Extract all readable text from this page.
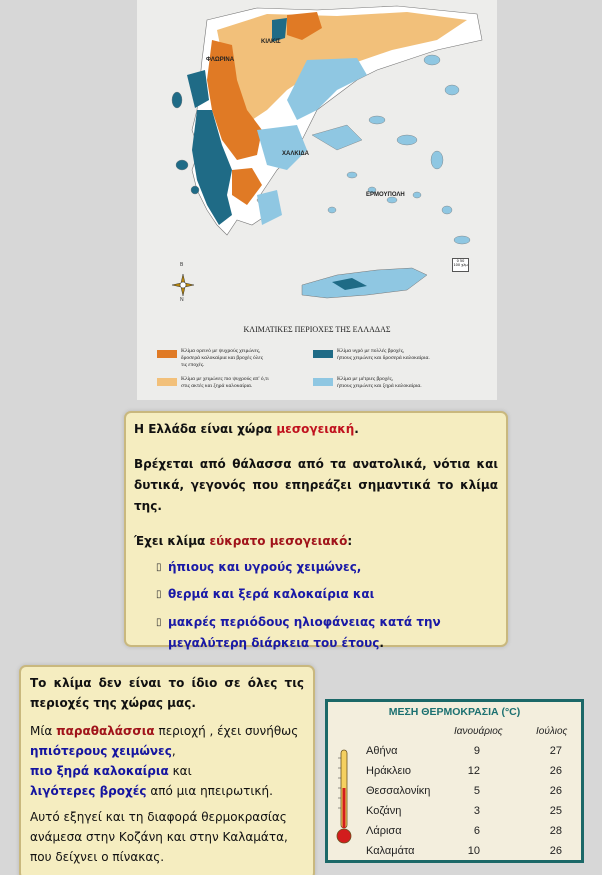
ΚΙΛΚΙΣ
ΦΛΩΡΙΝΑ
ΧΑΛΚΙΔΑ
ΕΡΜΟΥΠΟΛΗ
ΚΛΙΜΑΤΙΚΕΣ ΠΕΡΙΟΧΕΣ ΤΗΣ ΕΛΛΑΔΑΣ
Κλίμα ορεινό με ψυχρούς χειμώνες,
δροσερά καλοκαίρια και βροχές όλες
τις εποχές.
Κλίμα υγρό με πολλές βροχές,
ήπιους χειμώνες και δροσερά καλοκαίρια.
Κλίμα με χειμώνες πιο ψυχρούς απ' ό,τι
στις ακτές και ξηρά καλοκαίρια.
Κλίμα με μέτριες βροχές,
ήπιους χειμώνες και ξηρά καλοκαίρια.
Β
Ν
0 50 100 χλμ

Η Ελλάδα είναι χώρα μεσογειακή.

Βρέχεται από θάλασσα από τα ανατολικά, νότια και δυτικά, γεγονός που επηρεάζει σημαντικά το κλίμα της.

Έχει κλίμα εύκρατο μεσογειακό:

▯ ήπιους και υγρούς χειμώνες,
▯ θερμά και ξερά καλοκαίρια και
▯ μακρές περιόδους ηλιοφάνειας κατά την μεγαλύτερη διάρκεια του έτους.

Το κλίμα δεν είναι το ίδιο σε όλες τις περιοχές της χώρας μας.

Μία παραθαλάσσια περιοχή , έχει συνήθως
ηπιότερους χειμώνες,
πιο ξηρά καλοκαίρια και
λιγότερες βροχές από μια ηπειρωτική.

Αυτό εξηγεί και τη διαφορά θερμοκρασίας ανάμεσα στην Κοζάνη και στην Καλαμάτα, που δείχνει ο πίνακας.

ΜΕΣΗ ΘΕΡΜΟΚΡΑΣΙΑ (°C)
Ιανουάριος	Ιούλιος
Αθήνα	9	27
Ηράκλειο	12	26
Θεσσαλονίκη	5	26
Κοζάνη	3	25
Λάρισα	6	28
Καλαμάτα	10	26
